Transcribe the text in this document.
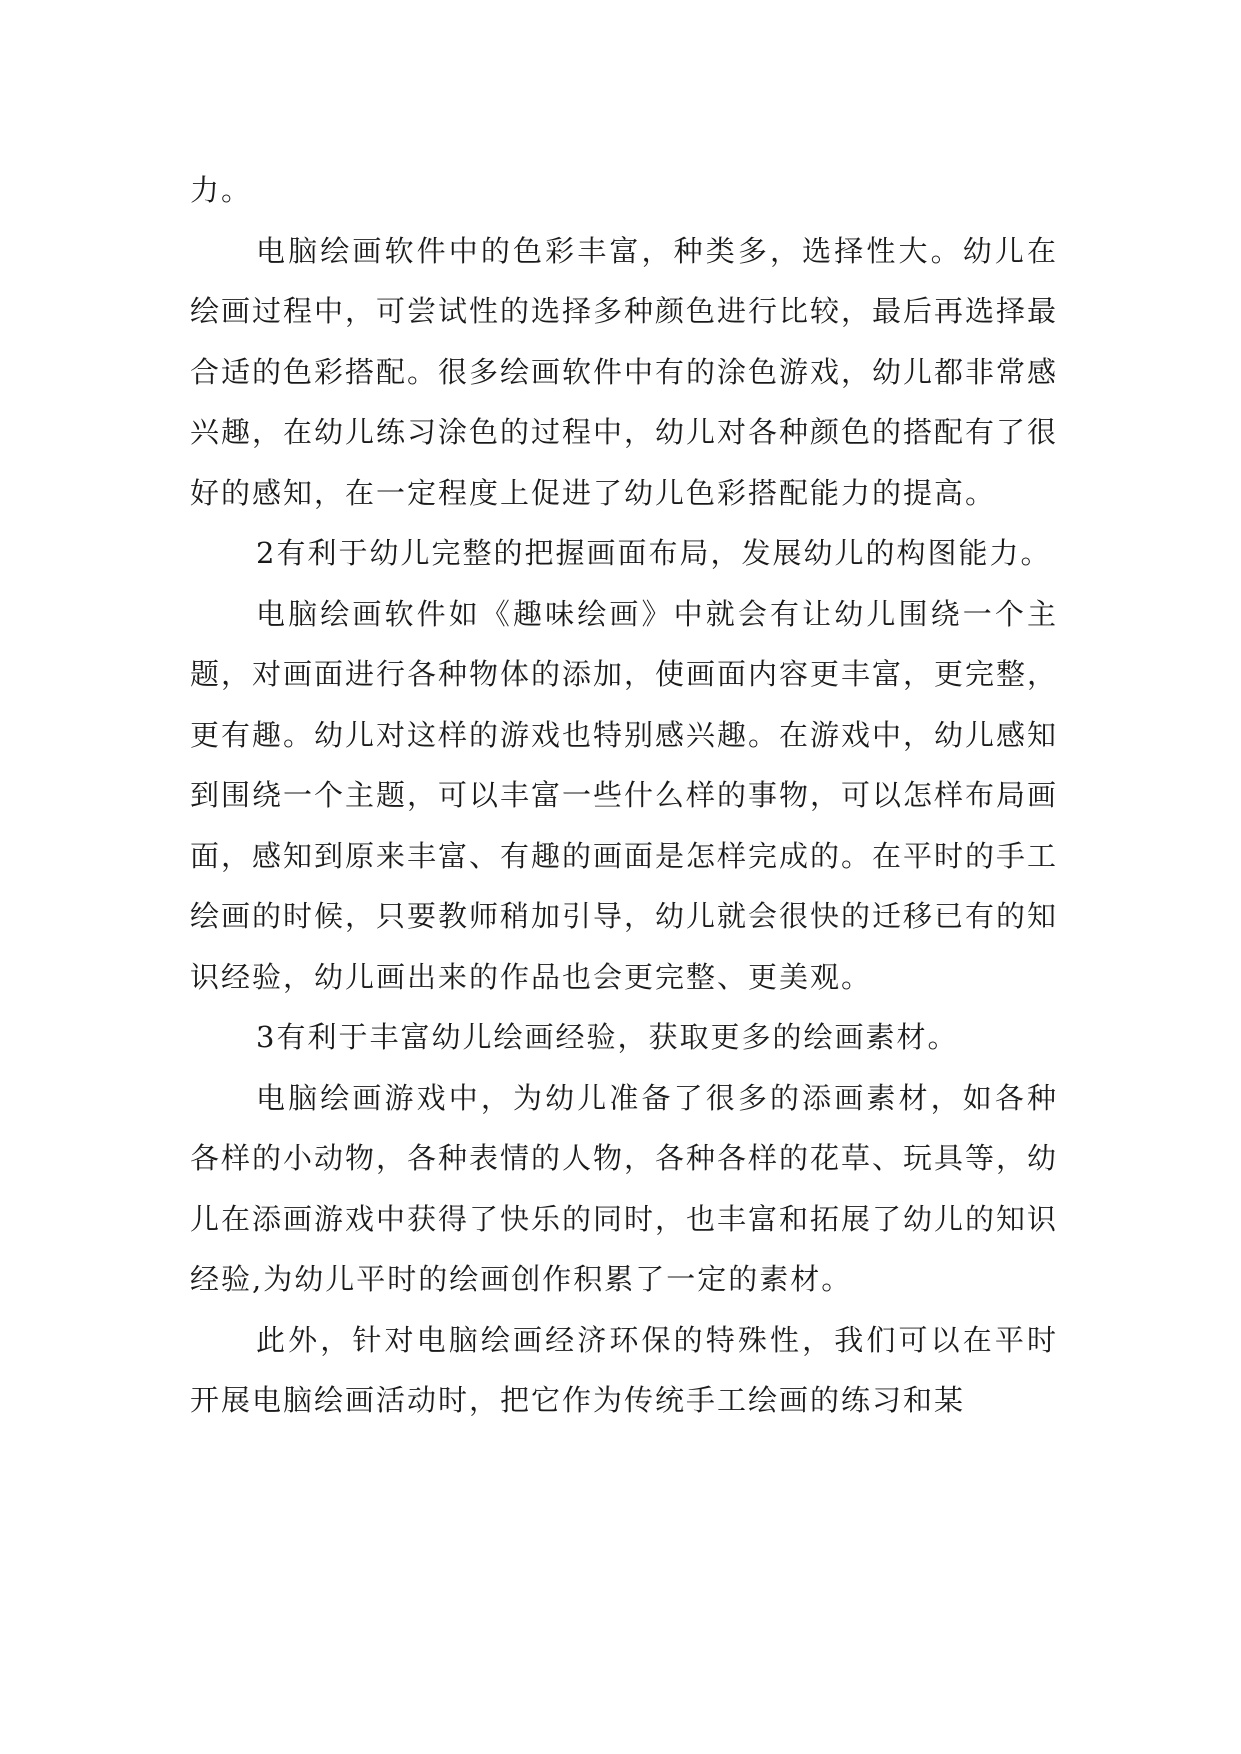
力。

电脑绘画软件中的色彩丰富，种类多，选择性大。幼儿在绘画过程中，可尝试性的选择多种颜色进行比较，最后再选择最合适的色彩搭配。很多绘画软件中有的涂色游戏，幼儿都非常感兴趣，在幼儿练习涂色的过程中，幼儿对各种颜色的搭配有了很好的感知，在一定程度上促进了幼儿色彩搭配能力的提高。

2有利于幼儿完整的把握画面布局，发展幼儿的构图能力。

电脑绘画软件如《趣味绘画》中就会有让幼儿围绕一个主题，对画面进行各种物体的添加，使画面内容更丰富，更完整，更有趣。幼儿对这样的游戏也特别感兴趣。在游戏中，幼儿感知到围绕一个主题，可以丰富一些什么样的事物，可以怎样布局画面，感知到原来丰富、有趣的画面是怎样完成的。在平时的手工绘画的时候，只要教师稍加引导，幼儿就会很快的迁移已有的知识经验，幼儿画出来的作品也会更完整、更美观。

3有利于丰富幼儿绘画经验，获取更多的绘画素材。

电脑绘画游戏中，为幼儿准备了很多的添画素材，如各种各样的小动物，各种表情的人物，各种各样的花草、玩具等，幼儿在添画游戏中获得了快乐的同时，也丰富和拓展了幼儿的知识经验,为幼儿平时的绘画创作积累了一定的素材。

此外，针对电脑绘画经济环保的特殊性，我们可以在平时开展电脑绘画活动时，把它作为传统手工绘画的练习和某
